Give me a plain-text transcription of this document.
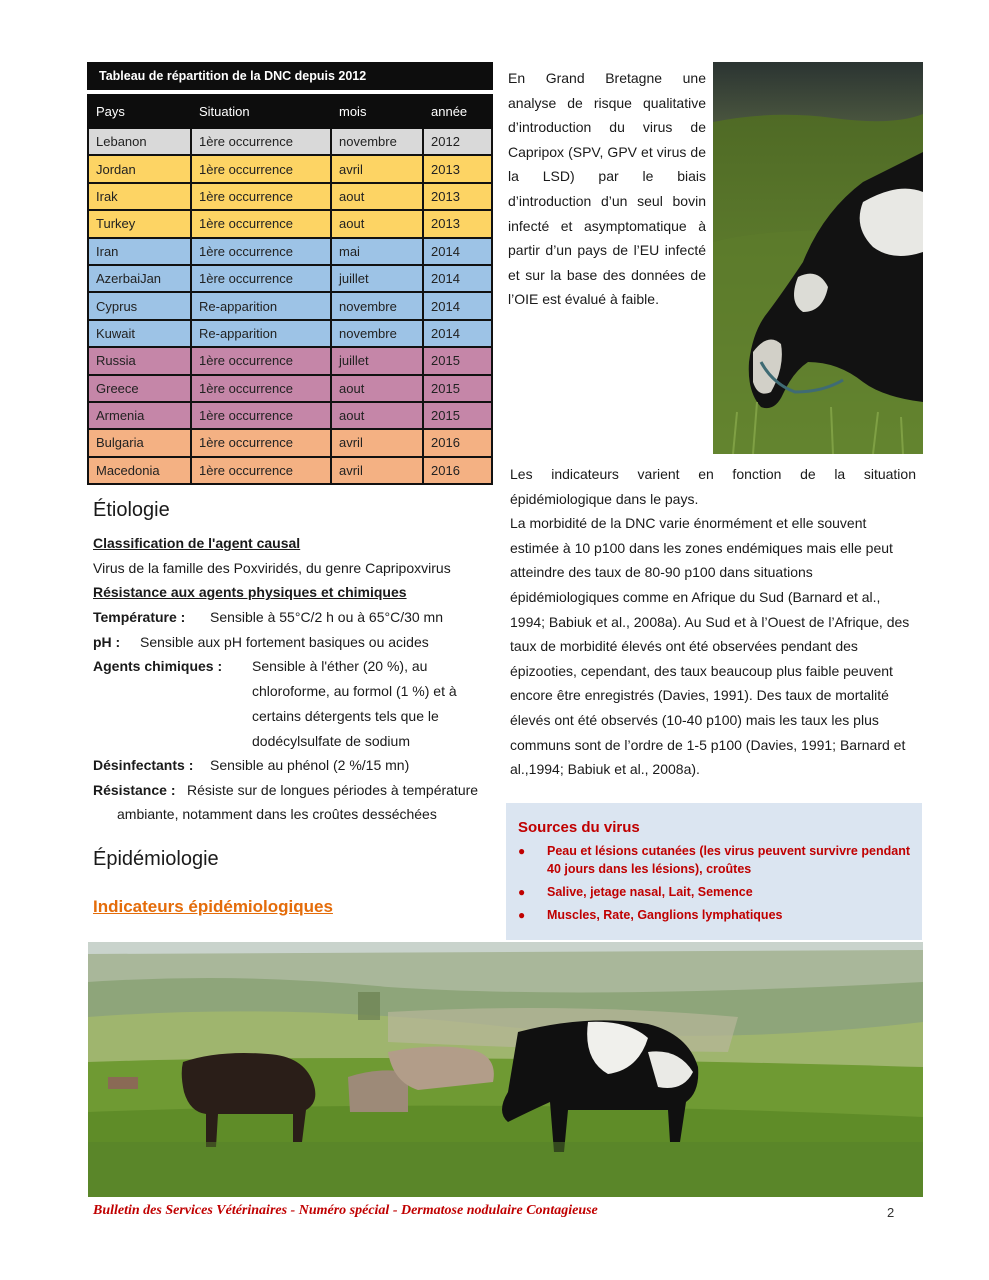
Tableau de répartition de la DNC depuis 2012
Pays	Situation	mois	année
Lebanon	1ère occurrence	novembre	2012
Jordan	1ère occurrence	avril	2013
Irak	1ère occurrence	aout	2013
Turkey	1ère occurrence	aout	2013
Iran	1ère occurrence	mai	2014
AzerbaiJan	1ère occurrence	juillet	2014
Cyprus	Re-apparition	novembre	2014
Kuwait	Re-apparition	novembre	2014
Russia	1ère occurrence	juillet	2015
Greece	1ère occurrence	aout	2015
Armenia	1ère occurrence	aout	2015
Bulgaria	1ère occurrence	avril	2016
Macedonia	1ère occurrence	avril	2016
Étiologie
Classification de l'agent causal
Virus de la famille des Poxviridés, du genre Capripoxvirus
Résistance aux agents physiques et chimiques
Température : Sensible à 55°C/2 h ou à 65°C/30 mn
pH : Sensible aux pH fortement basiques ou acides
Agents chimiques : Sensible à l'éther (20 %), au
chloroforme, au formol (1 %) et à
certains détergents tels que le
dodécylsulfate de sodium
Désinfectants : Sensible au phénol (2 %/15 mn)
Résistance : Résiste sur de longues périodes à température
ambiante, notamment dans les croûtes desséchées
Épidémiologie
Indicateurs épidémiologiques

En Grand Bretagne une analyse de risque qualitative d’introduction du virus de Capripox (SPV, GPV et virus de la LSD) par le biais d’introduction d’un seul bovin infecté et asymptomatique à partir d’un pays de l’EU infecté et sur la base des données de l’OIE est évalué à faible.

Les indicateurs varient en fonction de la situation épidémiologique dans le pays.

La morbidité de la DNC varie énormément et elle souvent estimée à 10 p100 dans les zones endémiques mais elle peut atteindre des taux de 80-90 p100 dans situations épidémiologiques comme en Afrique du Sud (Barnard et al., 1994; Babiuk et al., 2008a). Au Sud et à l’Ouest de l’Afrique, des taux de morbidité élevés ont été observées pendant des épizooties, cependant, des taux beaucoup plus faible peuvent encore être enregistrés (Davies, 1991). Des taux de mortalité élevés ont été observés (10-40 p100) mais les taux les plus communs sont de l’ordre de 1-5 p100 (Davies, 1991; Barnard et al.,1994; Babiuk et al., 2008a).

Sources du virus
● Peau et lésions cutanées (les virus peuvent survivre pendant 40 jours dans les lésions), croûtes
● Salive, jetage nasal, Lait, Semence
● Muscles, Rate, Ganglions lymphatiques
Bulletin des Services Vétérinaires - Numéro spécial - Dermatose nodulaire Contagieuse	2
